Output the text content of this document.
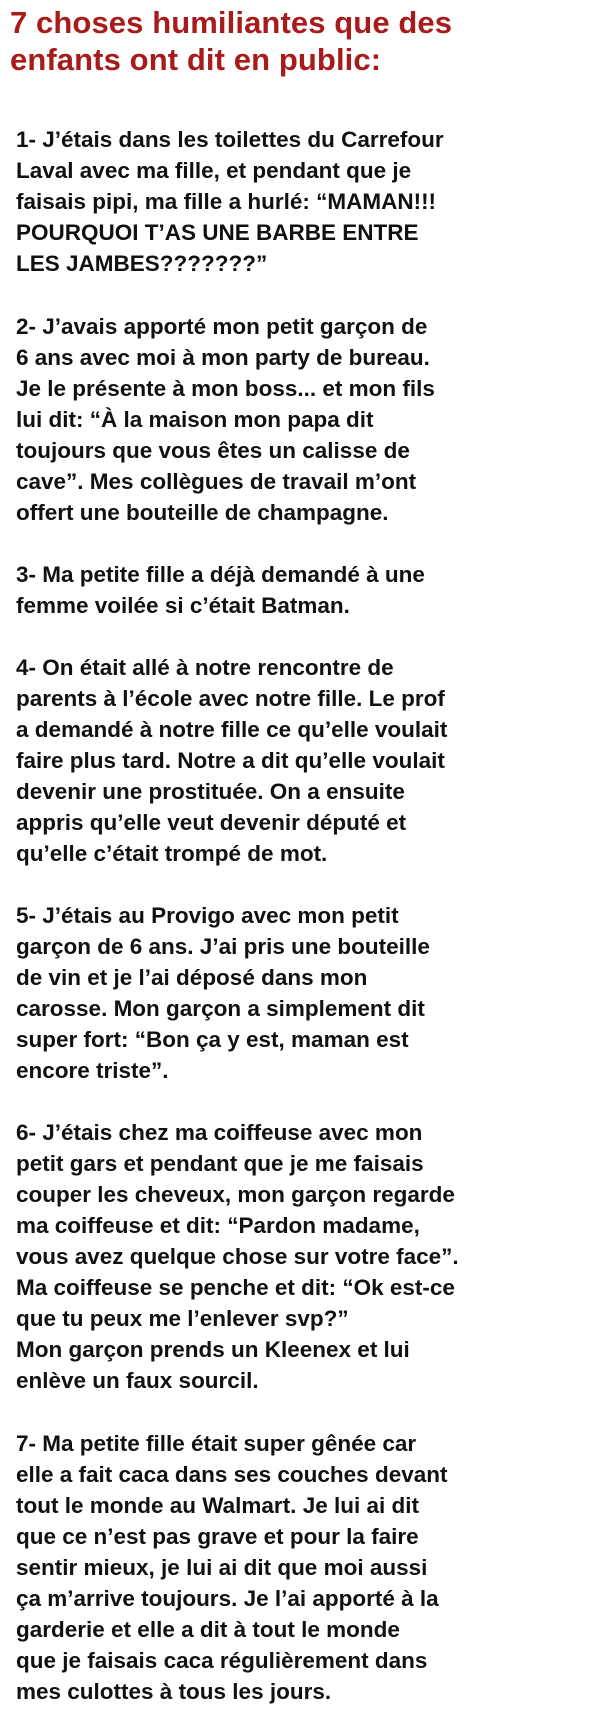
7 choses humiliantes que des
enfants ont dit en public:
1- J’étais dans les toilettes du Carrefour
Laval avec ma fille, et pendant que je
faisais pipi, ma fille a hurlé: “MAMAN!!!
POURQUOI T’AS UNE BARBE ENTRE
LES JAMBES???????”
2- J’avais apporté mon petit garçon de
6 ans avec moi à mon party de bureau.
Je le présente à mon boss... et mon fils
lui dit: “À la maison mon papa dit
toujours que vous êtes un calisse de
cave”. Mes collègues de travail m’ont
offert une bouteille de champagne.
3- Ma petite fille a déjà demandé à une
femme voilée si c’était Batman.
4- On était allé à notre rencontre de
parents à l’école avec notre fille. Le prof
a demandé à notre fille ce qu’elle voulait
faire plus tard. Notre a dit qu’elle voulait
devenir une prostituée. On a ensuite
appris qu’elle veut devenir député et
qu’elle c’était trompé de mot.
5- J’étais au Provigo avec mon petit
garçon de 6 ans. J’ai pris une bouteille
de vin et je l’ai déposé dans mon
carosse. Mon garçon a simplement dit
super fort: “Bon ça y est, maman est
encore triste”.
6- J’étais chez ma coiffeuse avec mon
petit gars et pendant que je me faisais
couper les cheveux, mon garçon regarde
ma coiffeuse et dit: “Pardon madame,
vous avez quelque chose sur votre face”.
Ma coiffeuse se penche et dit: “Ok est-ce
que tu peux me l’enlever svp?”
Mon garçon prends un Kleenex et lui
enlève un faux sourcil.
7- Ma petite fille était super gênée car
elle a fait caca dans ses couches devant
tout le monde au Walmart. Je lui ai dit
que ce n’est pas grave et pour la faire
sentir mieux, je lui ai dit que moi aussi
ça m’arrive toujours. Je l’ai apporté à la
garderie et elle a dit à tout le monde
que je faisais caca régulièrement dans
mes culottes à tous les jours.
